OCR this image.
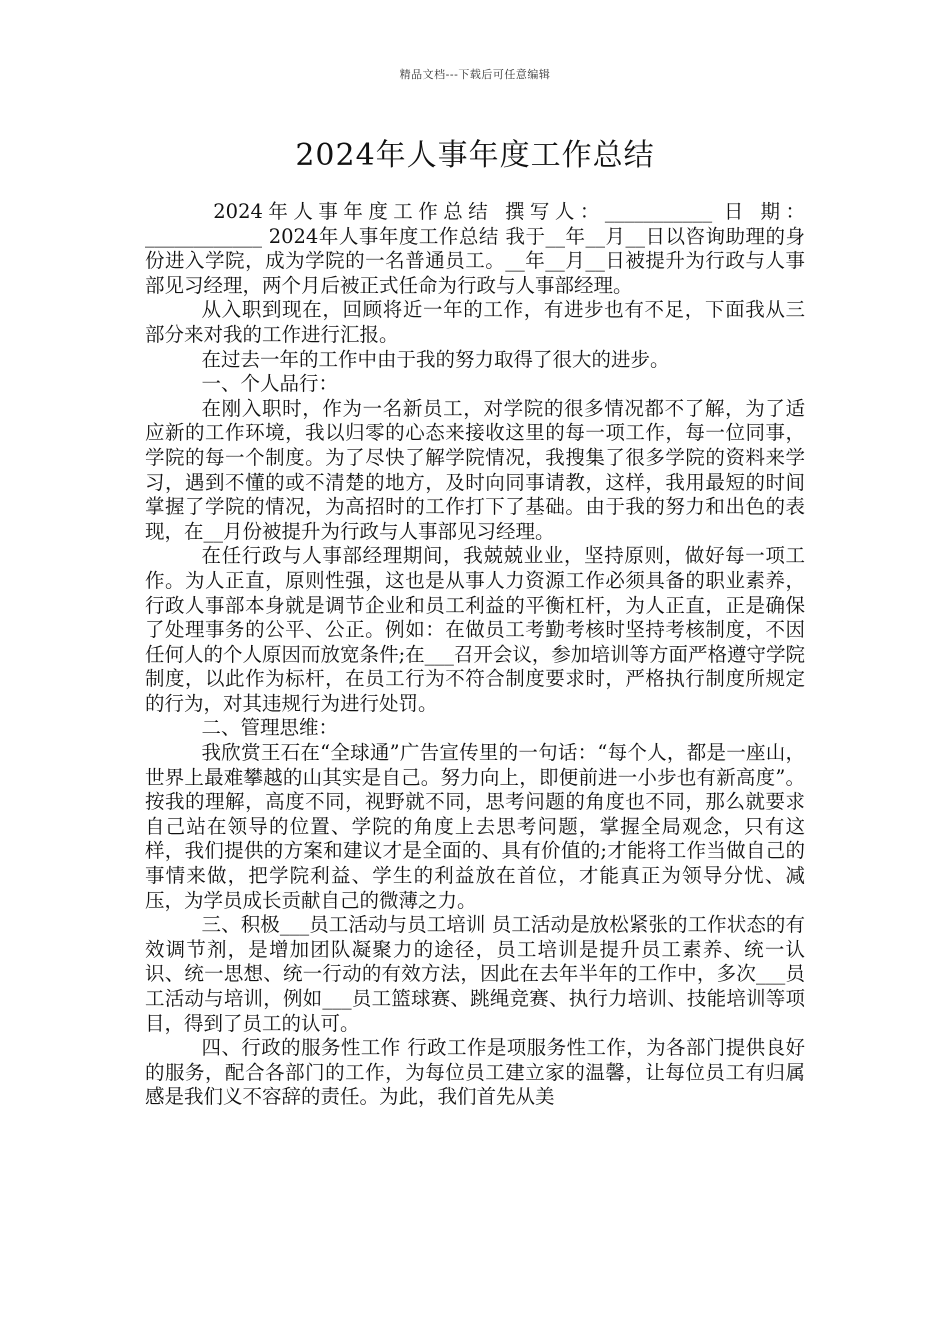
精品文档---下载后可任意编辑
2024年人事年度工作总结

2024年人事年度工作总结 撰写人：___________ 日 期：____________ 2024年人事年度工作总结 我于__年__月__日以咨询助理的身份进入学院，成为学院的一名普通员工。__年__月__日被提升为行政与人事部见习经理，两个月后被正式任命为行政与人事部经理。

从入职到现在，回顾将近一年的工作，有进步也有不足，下面我从三部分来对我的工作进行汇报。

在过去一年的工作中由于我的努力取得了很大的进步。

一、个人品行：

在刚入职时，作为一名新员工，对学院的很多情况都不了解，为了适应新的工作环境，我以归零的心态来接收这里的每一项工作，每一位同事，学院的每一个制度。为了尽快了解学院情况，我搜集了很多学院的资料来学习，遇到不懂的或不清楚的地方，及时向同事请教，这样，我用最短的时间掌握了学院的情况，为高招时的工作打下了基础。由于我的努力和出色的表现，在__月份被提升为行政与人事部见习经理。

在任行政与人事部经理期间，我兢兢业业，坚持原则，做好每一项工作。为人正直，原则性强，这也是从事人力资源工作必须具备的职业素养，行政人事部本身就是调节企业和员工利益的平衡杠杆，为人正直，正是确保了处理事务的公平、公正。例如：在做员工考勤考核时坚持考核制度，不因任何人的个人原因而放宽条件;在___召开会议，参加培训等方面严格遵守学院制度，以此作为标杆，在员工行为不符合制度要求时，严格执行制度所规定的行为，对其违规行为进行处罚。

二、管理思维：

我欣赏王石在“全球通”广告宣传里的一句话：“每个人，都是一座山，世界上最难攀越的山其实是自己。努力向上，即便前进一小步也有新高度”。按我的理解，高度不同，视野就不同，思考问题的角度也不同，那么就要求自己站在领导的位置、学院的角度上去思考问题，掌握全局观念，只有这样，我们提供的方案和建议才是全面的、具有价值的;才能将工作当做自己的事情来做，把学院利益、学生的利益放在首位，才能真正为领导分忧、减压，为学员成长贡献自己的微薄之力。

三、积极___员工活动与员工培训 员工活动是放松紧张的工作状态的有效调节剂，是增加团队凝聚力的途径，员工培训是提升员工素养、统一认识、统一思想、统一行动的有效方法，因此在去年半年的工作中，多次___员工活动与培训，例如___员工篮球赛、跳绳竞赛、执行力培训、技能培训等项目，得到了员工的认可。

四、行政的服务性工作 行政工作是项服务性工作，为各部门提供良好的服务，配合各部门的工作，为每位员工建立家的温馨，让每位员工有归属感是我们义不容辞的责任。为此，我们首先从美
